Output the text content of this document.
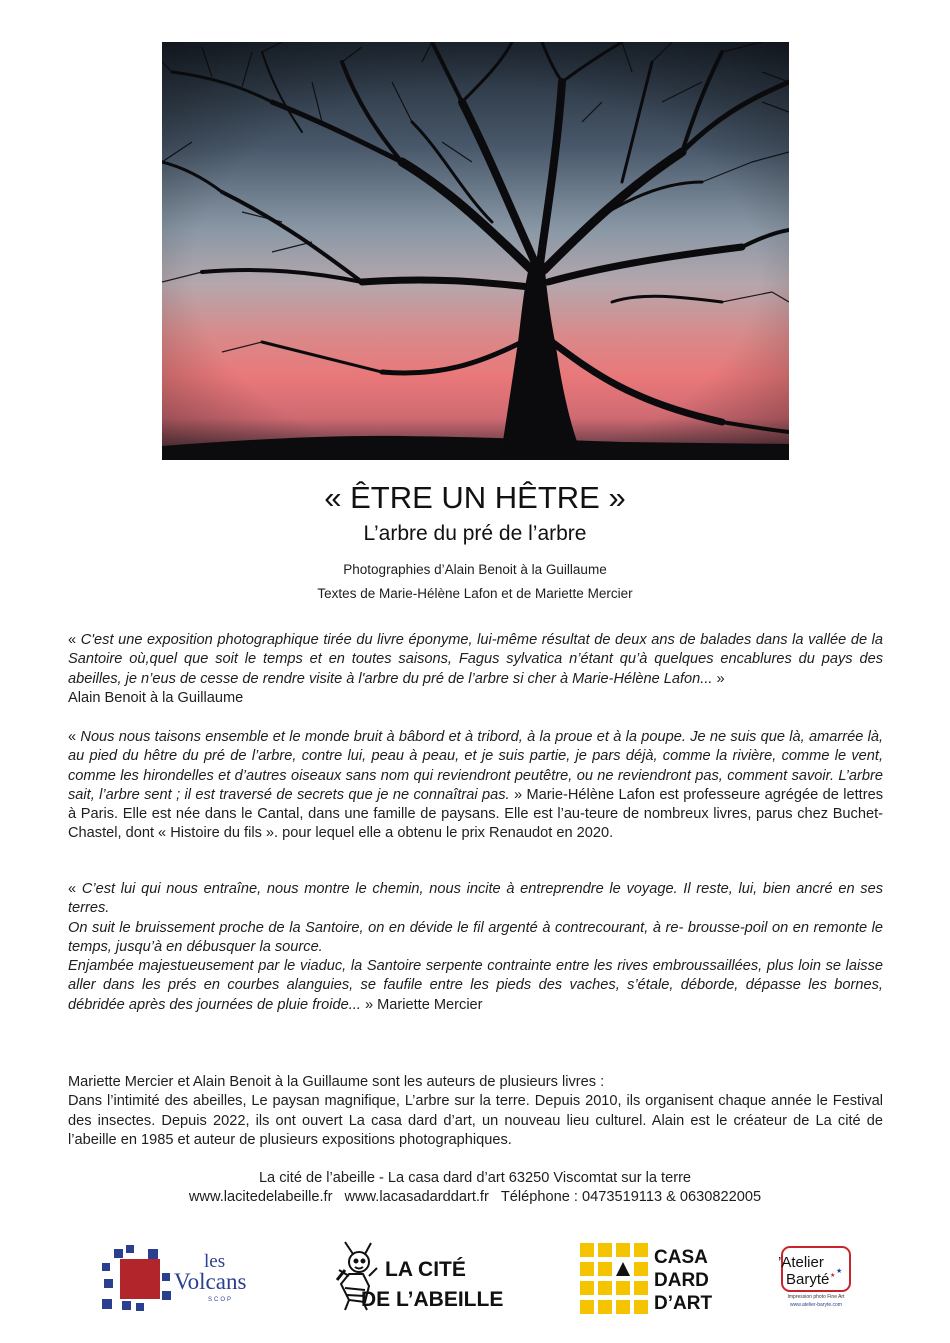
« ÊTRE UN HÊTRE »
L’arbre du pré de l’arbre
Photographies d’Alain Benoit à la Guillaume
Textes de Marie-Hélène Lafon et de Mariette Mercier
« C'est une exposition photographique tirée du livre éponyme, lui-même résultat de deux ans de balades dans la vallée de la Santoire où,quel que soit le temps et en toutes saisons, Fagus sylvatica n’étant qu’à quelques encablures du pays des abeilles, je n’eus de cesse de rendre visite à l'arbre du pré de l’arbre si cher à Marie-Hélène Lafon... »
Alain Benoit à la Guillaume
« Nous nous taisons ensemble et le monde bruit à bâbord et à tribord, à la proue et à la poupe. Je ne suis que là, amarrée là, au pied du hêtre du pré de l’arbre, contre lui, peau à peau, et je suis partie, je pars déjà, comme la rivière, comme le vent, comme les hirondelles et d’autres oiseaux sans nom qui reviendront peutêtre, ou ne reviendront pas, comment savoir. L’arbre sait, l’arbre sent ; il est traversé de secrets que je ne connaîtrai pas. » Marie-Hélène Lafon est professeure agrégée de lettres à Paris. Elle est née dans le Cantal, dans une famille de paysans. Elle est l’au-teure de nombreux livres, parus chez Buchet-Chastel, dont « Histoire du fils ». pour lequel elle a obtenu le prix Renaudot en 2020.
« C’est lui qui nous entraîne, nous montre le chemin, nous incite à entreprendre le voyage. Il reste, lui, bien ancré en ses terres.
On suit le bruissement proche de la Santoire, on en dévide le fil argenté à contrecourant, à re- brousse-poil on en remonte le temps, jusqu’à en débusquer la source.
Enjambée majestueusement par le viaduc, la Santoire serpente contrainte entre les rives embroussaillées, plus loin se laisse aller dans les prés en courbes alanguies, se faufile entre les pieds des vaches, s’étale, déborde, dépasse les bornes, débridée après des journées de pluie froide... » Mariette Mercier
Mariette Mercier et Alain Benoit à la Guillaume sont les auteurs de plusieurs livres :
Dans l’intimité des abeilles, Le paysan magnifique, L’arbre sur la terre. Depuis 2010, ils organisent chaque année le Festival des insectes. Depuis 2022, ils ont ouvert La casa dard d’art, un nouveau lieu culturel. Alain est le créateur de La cité de l’abeille en 1985 et auteur de plusieurs expositions photographiques.
La cité de l’abeille - La casa dard d’art 63250 Viscomtat sur la terre
www.lacitedelabeille.fr www.lacasadarddart.fr Téléphone : 0473519113 & 0630822005
les
Volcans
SCOP
LA CITÉ
DE L’ABEILLE
CASA
DARD
D’ART
’Atelier
Baryté ★
★
Impression photo Fine Art
www.atelier-baryte.com
